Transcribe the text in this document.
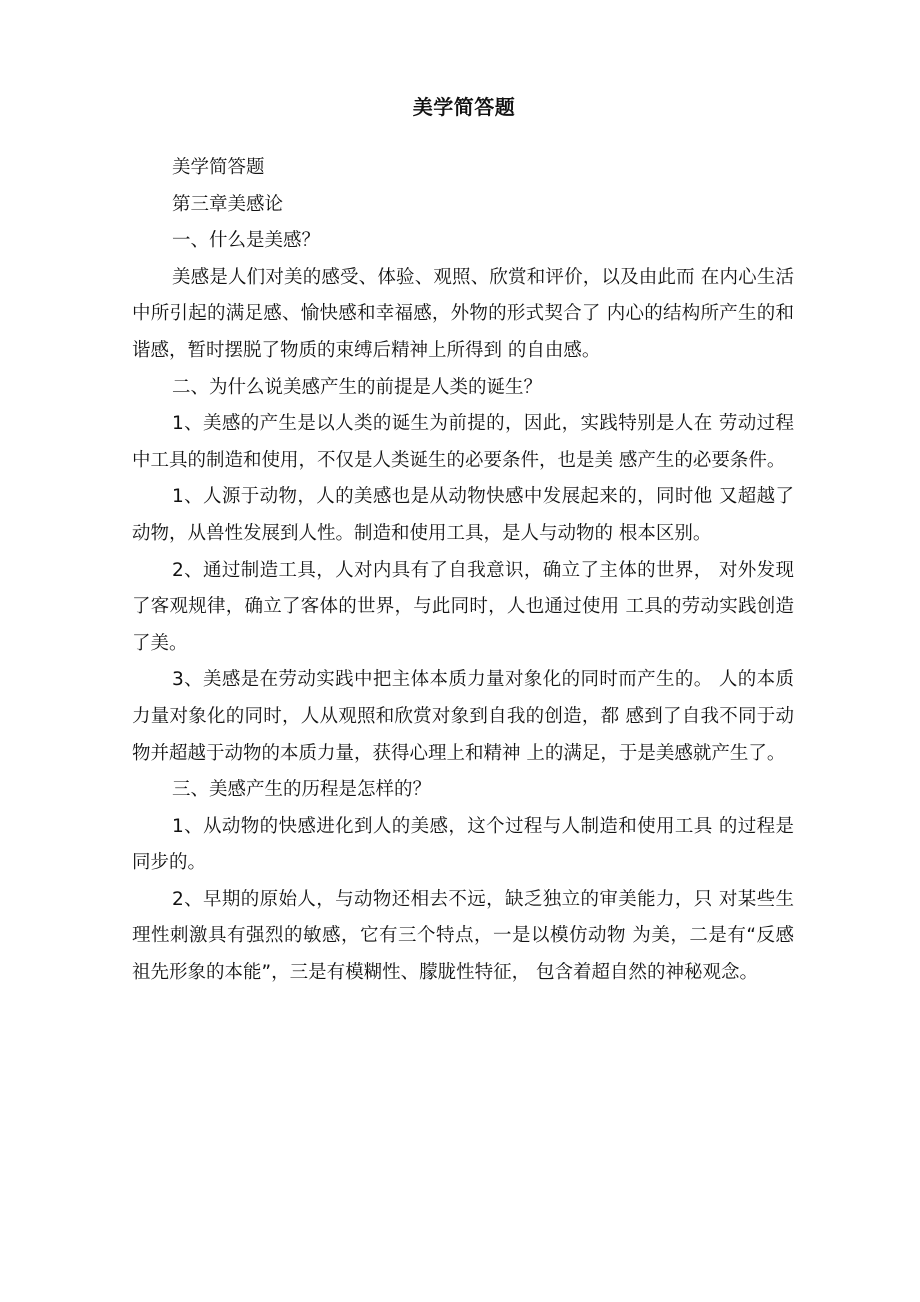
美学简答题

美学简答题

第三章美感论

一、什么是美感？

美感是人们对美的感受、体验、观照、欣赏和评价，以及由此而 在内心生活中所引起的满足感、愉快感和幸福感，外物的形式契合了 内心的结构所产生的和谐感，暂时摆脱了物质的束缚后精神上所得到 的自由感。

二、为什么说美感产生的前提是人类的诞生？

1、美感的产生是以人类的诞生为前提的，因此，实践特别是人在 劳动过程中工具的制造和使用，不仅是人类诞生的必要条件，也是美 感产生的必要条件。

1、人源于动物，人的美感也是从动物快感中发展起来的，同时他 又超越了动物，从兽性发展到人性。制造和使用工具，是人与动物的 根本区别。

2、通过制造工具，人对内具有了自我意识，确立了主体的世界， 对外发现了客观规律，确立了客体的世界，与此同时，人也通过使用 工具的劳动实践创造了美。

3、美感是在劳动实践中把主体本质力量对象化的同时而产生的。 人的本质力量对象化的同时，人从观照和欣赏对象到自我的创造，都 感到了自我不同于动物并超越于动物的本质力量，获得心理上和精神 上的满足，于是美感就产生了。

三、美感产生的历程是怎样的？

1、从动物的快感进化到人的美感，这个过程与人制造和使用工具 的过程是同步的。

2、早期的原始人，与动物还相去不远，缺乏独立的审美能力，只 对某些生理性刺激具有强烈的敏感，它有三个特点，一是以模仿动物 为美，二是有“反感祖先形象的本能”，三是有模糊性、朦胧性特征， 包含着超自然的神秘观念。
